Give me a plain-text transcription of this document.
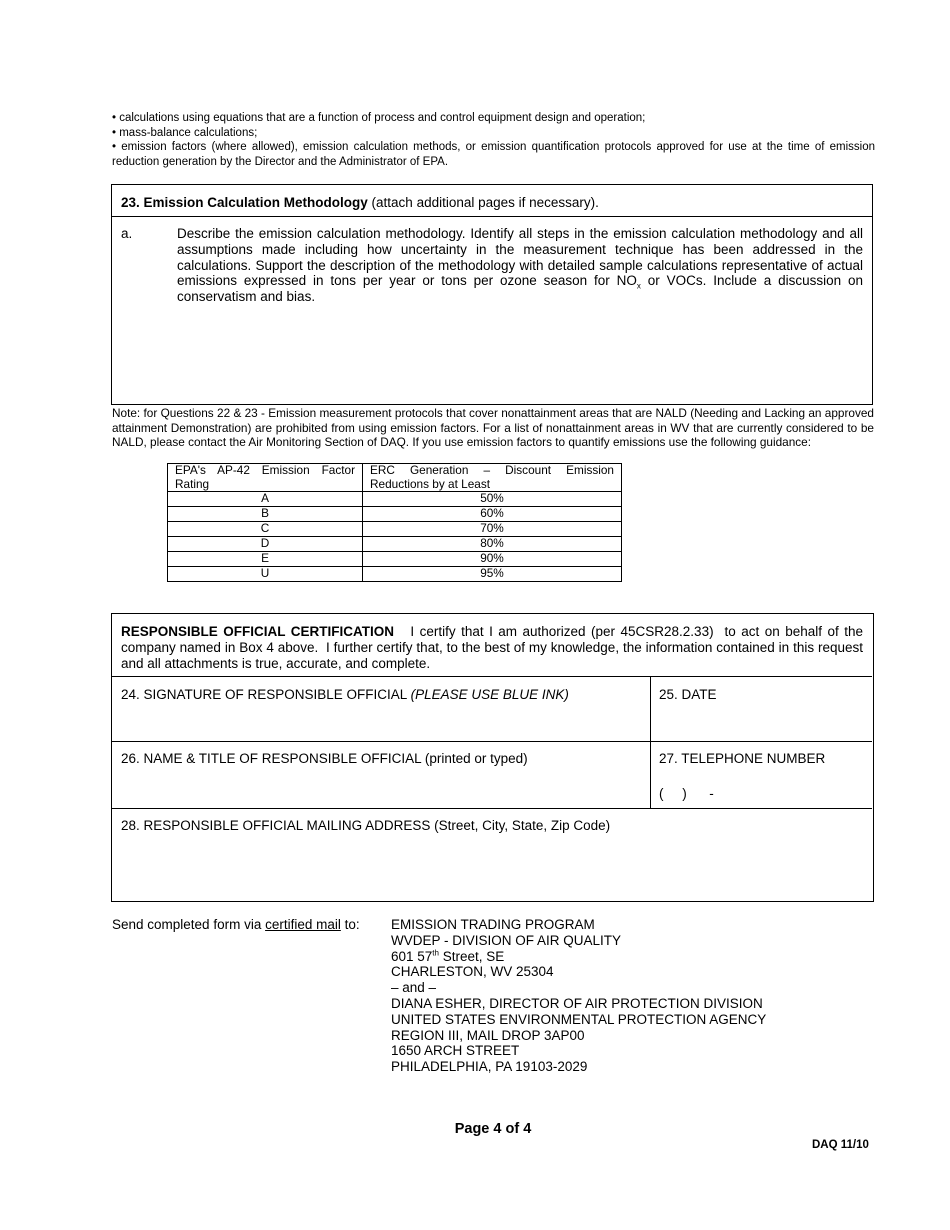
• calculations using equations that are a function of process and control equipment design and operation;
• mass-balance calculations;
• emission factors (where allowed), emission calculation methods, or emission quantification protocols approved for use at the time of emission reduction generation by the Director and the Administrator of EPA.
23. Emission Calculation Methodology (attach additional pages if necessary).
a.	Describe the emission calculation methodology. Identify all steps in the emission calculation methodology and all assumptions made including how uncertainty in the measurement technique has been addressed in the calculations. Support the description of the methodology with detailed sample calculations representative of actual emissions expressed in tons per year or tons per ozone season for $NO_x$ or VOCs. Include a discussion on conservatism and bias.
Note: for Questions 22 & 23 - Emission measurement protocols that cover nonattainment areas that are NALD (Needing and Lacking an approved attainment Demonstration) are prohibited from using emission factors. For a list of nonattainment areas in WV that are currently considered to be NALD, please contact the Air Monitoring Section of DAQ. If you use emission factors to quantify emissions use the following guidance:
EPA's AP-42 Emission Factor Rating	ERC Generation – Discount Emission Reductions by at Least
A	50%
B	60%
C	70%
D	80%
E	90%
U	95%
RESPONSIBLE OFFICIAL CERTIFICATION   I certify that I am authorized (per 45CSR28.2.33)  to act on behalf of the company named in Box 4 above.  I further certify that, to the best of my knowledge, the information contained in this request and all attachments is true, accurate, and complete.
24. SIGNATURE OF RESPONSIBLE OFFICIAL (PLEASE USE BLUE INK)	25. DATE
26. NAME & TITLE OF RESPONSIBLE OFFICIAL (printed or typed)	27. TELEPHONE NUMBER
(     )      -
28. RESPONSIBLE OFFICIAL MAILING ADDRESS (Street, City, State, Zip Code)
Send completed form via certified mail to: EMISSION TRADING PROGRAM
WVDEP - DIVISION OF AIR QUALITY
601 57th Street, SE
CHARLESTON, WV 25304
– and –
DIANA ESHER, DIRECTOR OF AIR PROTECTION DIVISION
UNITED STATES ENVIRONMENTAL PROTECTION AGENCY
REGION III, MAIL DROP 3AP00
1650 ARCH STREET
PHILADELPHIA, PA 19103-2029
Page 4 of 4
DAQ 11/10
